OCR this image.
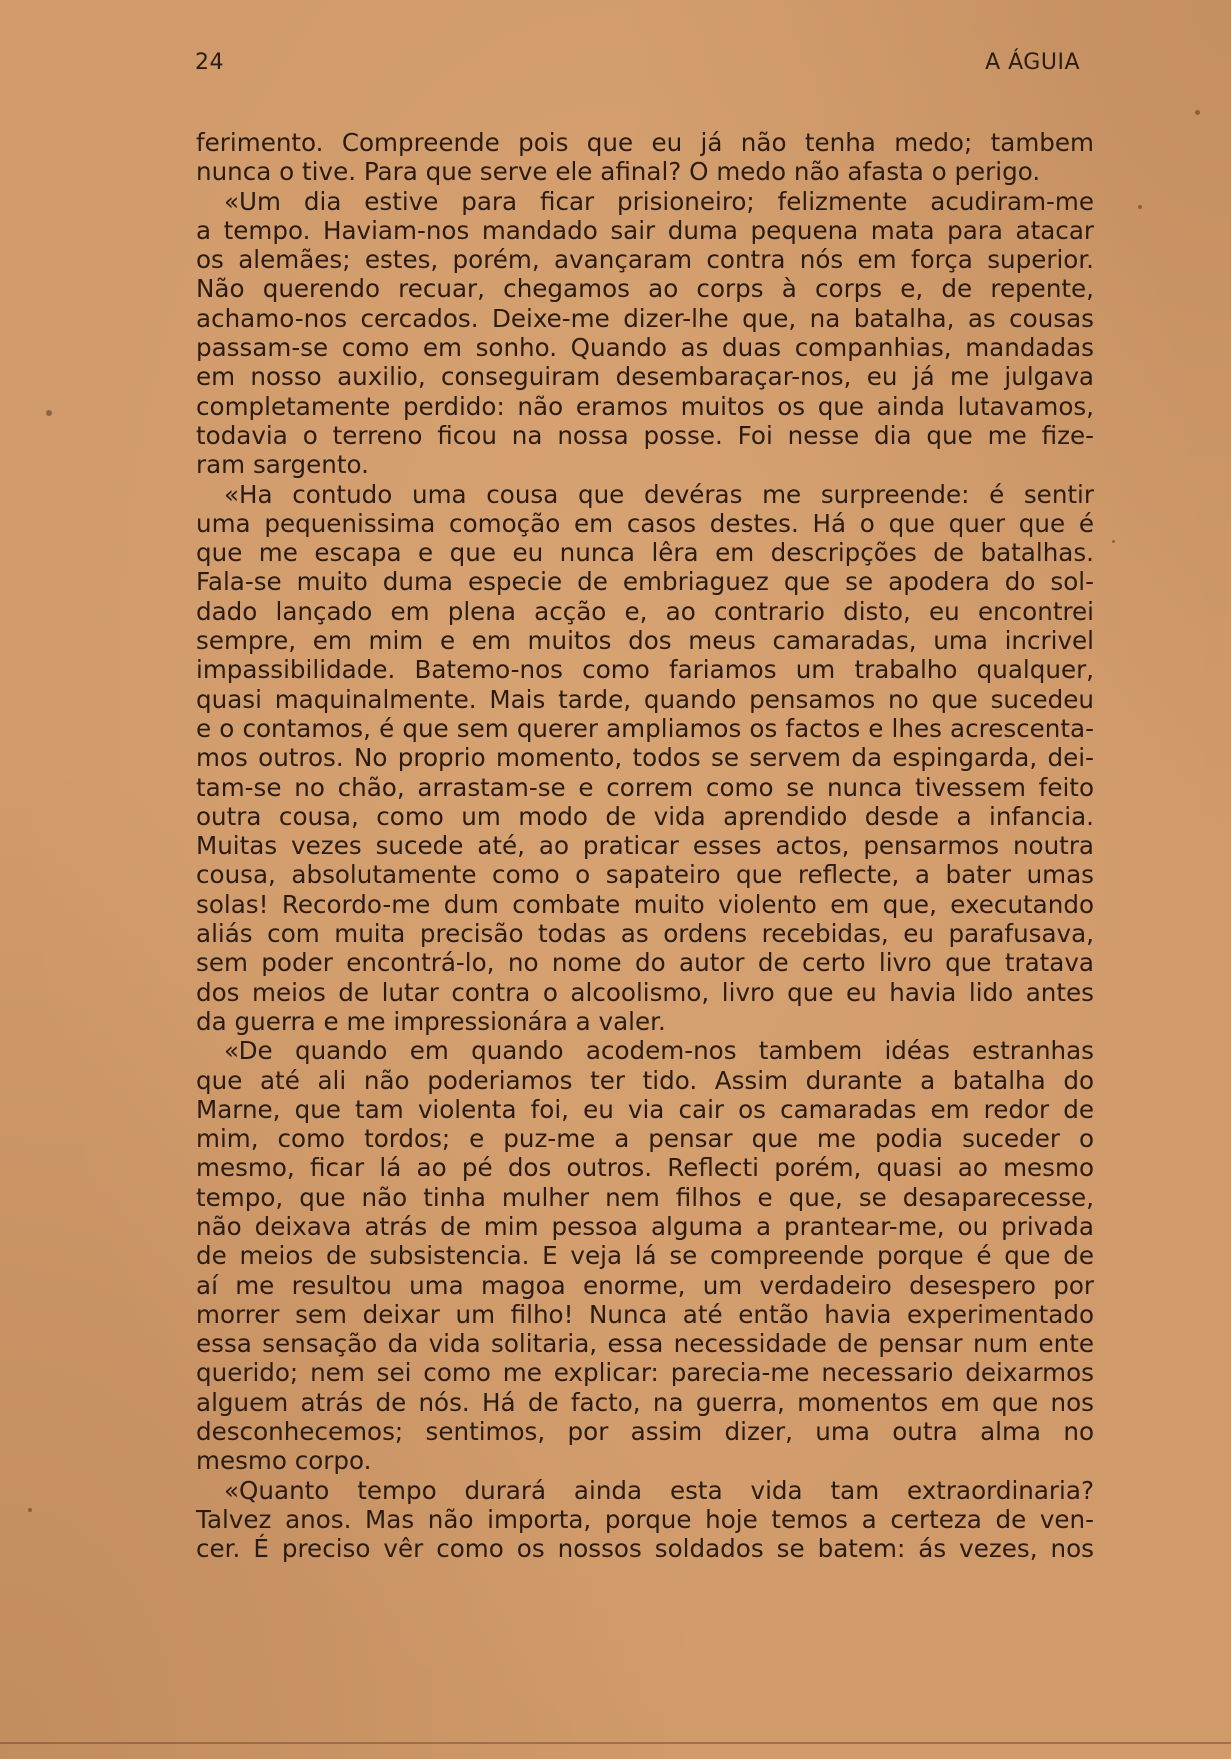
24	A ÁGUIA
ferimento. Compreende pois que eu já não tenha medo; tambem
nunca o tive. Para que serve ele afinal? O medo não afasta o perigo.
«Um dia estive para ficar prisioneiro; felizmente acudiram-me
a tempo. Haviam-nos mandado sair duma pequena mata para atacar
os alemães; estes, porém, avançaram contra nós em força superior.
Não querendo recuar, chegamos ao corps à corps e, de repente,
achamo-nos cercados. Deixe-me dizer-lhe que, na batalha, as cousas
passam-se como em sonho. Quando as duas companhias, mandadas
em nosso auxilio, conseguiram desembaraçar-nos, eu já me julgava
completamente perdido: não eramos muitos os que ainda lutavamos,
todavia o terreno ficou na nossa posse. Foi nesse dia que me fize-
ram sargento.
«Ha contudo uma cousa que devéras me surpreende: é sentir
uma pequenissima comoção em casos destes. Há o que quer que é
que me escapa e que eu nunca lêra em descripções de batalhas.
Fala-se muito duma especie de embriaguez que se apodera do sol-
dado lançado em plena acção e, ao contrario disto, eu encontrei
sempre, em mim e em muitos dos meus camaradas, uma incrivel
impassibilidade. Batemo-nos como fariamos um trabalho qualquer,
quasi maquinalmente. Mais tarde, quando pensamos no que sucedeu
e o contamos, é que sem querer ampliamos os factos e lhes acrescenta-
mos outros. No proprio momento, todos se servem da espingarda, dei-
tam-se no chão, arrastam-se e correm como se nunca tivessem feito
outra cousa, como um modo de vida aprendido desde a infancia.
Muitas vezes sucede até, ao praticar esses actos, pensarmos noutra
cousa, absolutamente como o sapateiro que reflecte, a bater umas
solas! Recordo-me dum combate muito violento em que, executando
aliás com muita precisão todas as ordens recebidas, eu parafusava,
sem poder encontrá-lo, no nome do autor de certo livro que tratava
dos meios de lutar contra o alcoolismo, livro que eu havia lido antes
da guerra e me impressionára a valer.
«De quando em quando acodem-nos tambem idéas estranhas
que até ali não poderiamos ter tido. Assim durante a batalha do
Marne, que tam violenta foi, eu via cair os camaradas em redor de
mim, como tordos; e puz-me a pensar que me podia suceder o
mesmo, ficar lá ao pé dos outros. Reflecti porém, quasi ao mesmo
tempo, que não tinha mulher nem filhos e que, se desaparecesse,
não deixava atrás de mim pessoa alguma a prantear-me, ou privada
de meios de subsistencia. E veja lá se compreende porque é que de
aí me resultou uma magoa enorme, um verdadeiro desespero por
morrer sem deixar um filho! Nunca até então havia experimentado
essa sensação da vida solitaria, essa necessidade de pensar num ente
querido; nem sei como me explicar: parecia-me necessario deixarmos
alguem atrás de nós. Há de facto, na guerra, momentos em que nos
desconhecemos; sentimos, por assim dizer, uma outra alma no
mesmo corpo.
«Quanto tempo durará ainda esta vida tam extraordinaria?
Talvez anos. Mas não importa, porque hoje temos a certeza de ven-
cer. É preciso vêr como os nossos soldados se batem: ás vezes, nos
